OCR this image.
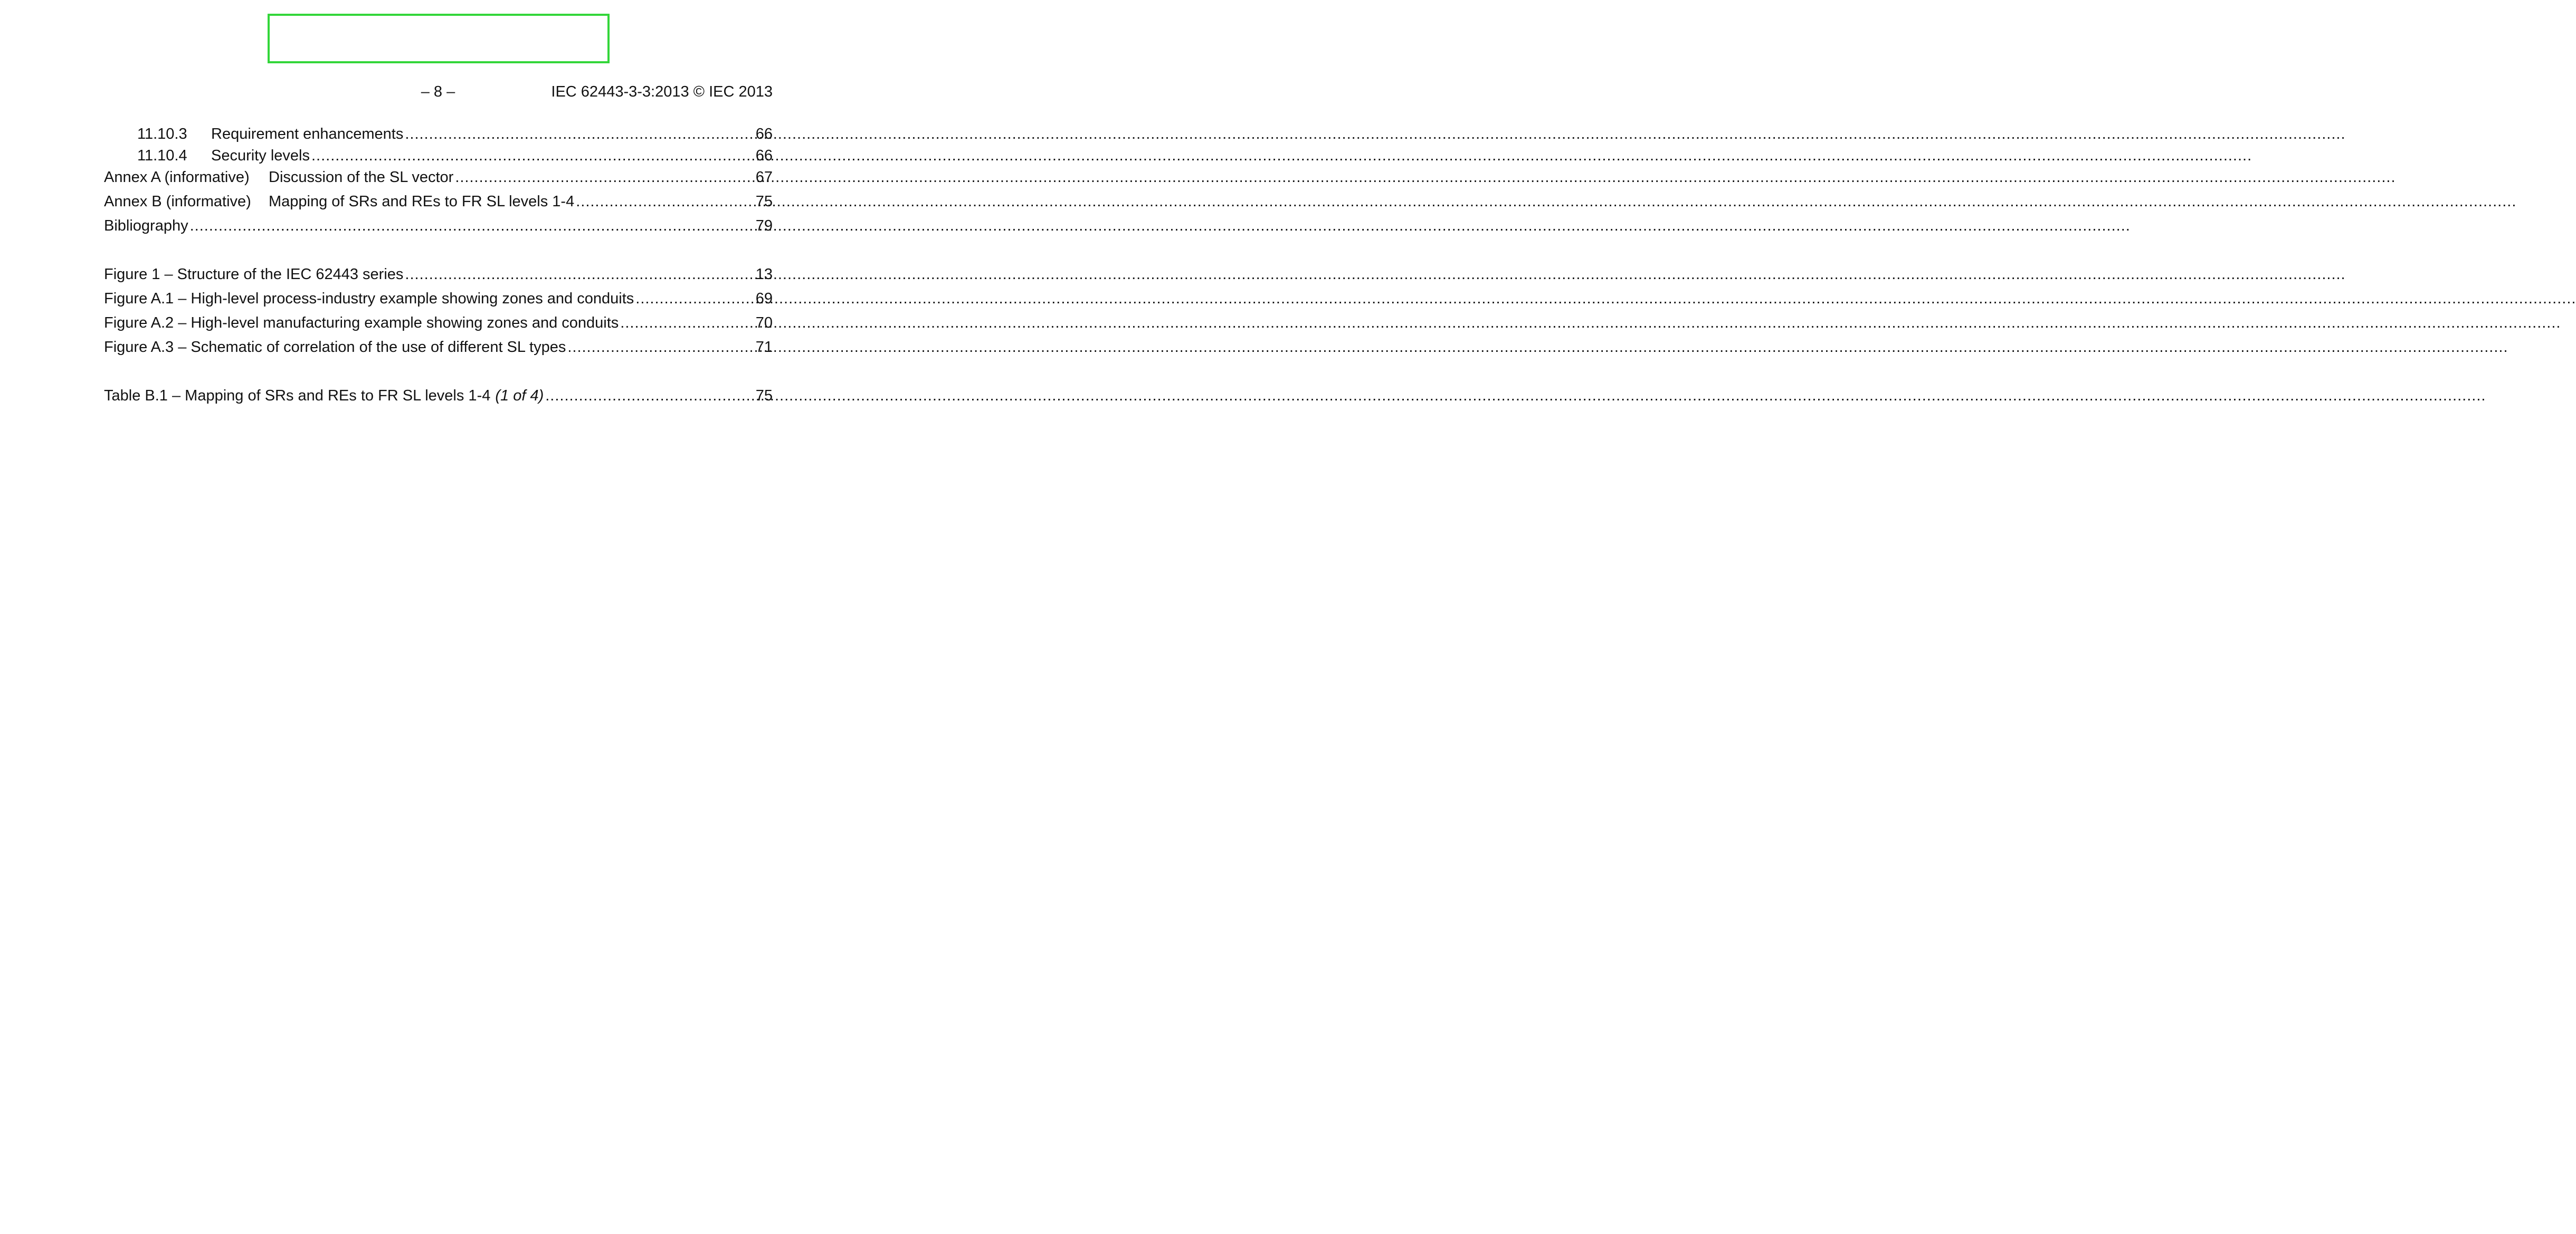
– 8 –	IEC 62443-3-3:2013 © IEC 2013
11.10.3	Requirement enhancements .....	66
11.10.4	Security levels .....	66
Annex A (informative)	Discussion of the SL vector .....	67
Annex B (informative)	Mapping of SRs and REs to FR SL levels 1-4 .....	75
Bibliography .....	79
Figure 1 – Structure of the IEC 62443 series .....	13
Figure A.1 – High-level process-industry example showing zones and conduits .....	69
Figure A.2 – High-level manufacturing example showing zones and conduits .....	70
Figure A.3 – Schematic of correlation of the use of different SL types .....	71
Table B.1 – Mapping of SRs and REs to FR SL levels 1-4 (1 of 4) .....	75
